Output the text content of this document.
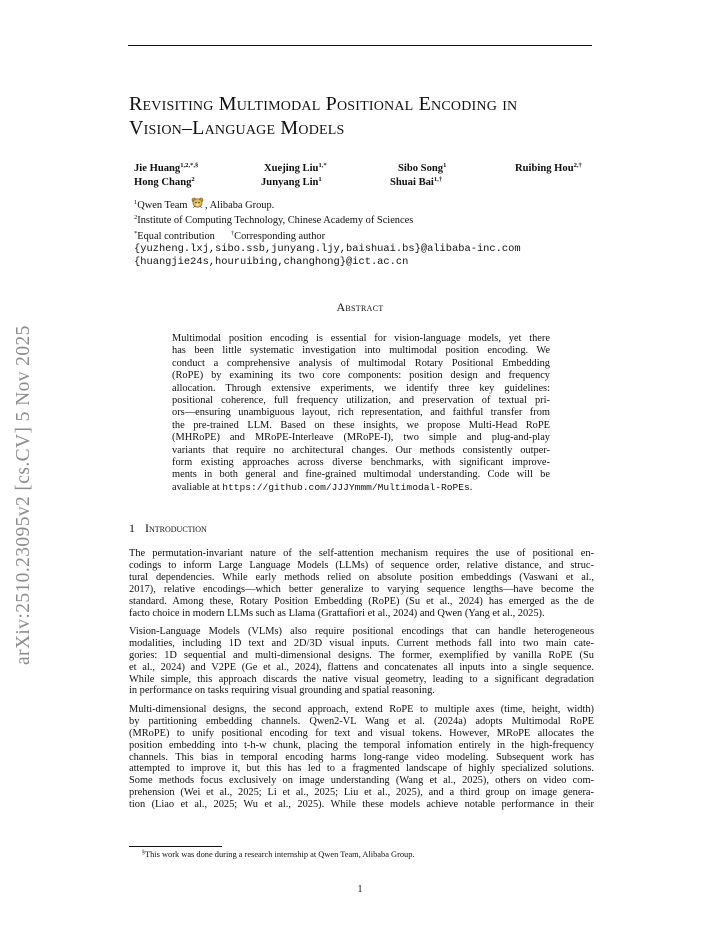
arXiv:2510.23095v2 [cs.CV] 5 Nov 2025
Revisiting Multimodal Positional Encoding in
Vision–Language Models
Jie Huang$^{1,2,*,\S}$	Xuejing Liu$^{1,*}$	Sibo Song$^1$	Ruibing Hou$^{2,\dagger}$
Hong Chang$^2$	Junyang Lin$^1$	Shuai Bai$^{1,\dagger}$
$^1$Qwen Team , Alibaba Group.
$^2$Institute of Computing Technology, Chinese Academy of Sciences
*Equal contribution †Corresponding author
{yuzheng.lxj,sibo.ssb,junyang.ljy,baishuai.bs}@alibaba-inc.com
{huangjie24s,houruibing,changhong}@ict.ac.cn
Abstract
Multimodal position encoding is essential for vision-language models, yet there
has been little systematic investigation into multimodal position encoding. We
conduct a comprehensive analysis of multimodal Rotary Positional Embedding
(RoPE) by examining its two core components: position design and frequency
allocation. Through extensive experiments, we identify three key guidelines:
positional coherence, full frequency utilization, and preservation of textual pri-
ors—ensuring unambiguous layout, rich representation, and faithful transfer from
the pre-trained LLM. Based on these insights, we propose Multi-Head RoPE
(MHRoPE) and MRoPE-Interleave (MRoPE-I), two simple and plug-and-play
variants that require no architectural changes. Our methods consistently outper-
form existing approaches across diverse benchmarks, with significant improve-
ments in both general and fine-grained multimodal understanding. Code will be
avaliable at https://github.com/JJJYmmm/Multimodal-RoPEs.
1 Introduction
The permutation-invariant nature of the self-attention mechanism requires the use of positional en-
codings to inform Large Language Models (LLMs) of sequence order, relative distance, and struc-
tural dependencies. While early methods relied on absolute position embeddings (Vaswani et al.,
2017), relative encodings—which better generalize to varying sequence lengths—have become the
standard. Among these, Rotary Position Embedding (RoPE) (Su et al., 2024) has emerged as the de
facto choice in modern LLMs such as Llama (Grattafiori et al., 2024) and Qwen (Yang et al., 2025).
Vision-Language Models (VLMs) also require positional encodings that can handle heterogeneous
modalities, including 1D text and 2D/3D visual inputs. Current methods fall into two main cate-
gories: 1D sequential and multi-dimensional designs. The former, exemplified by vanilla RoPE (Su
et al., 2024) and V2PE (Ge et al., 2024), flattens and concatenates all inputs into a single sequence.
While simple, this approach discards the native visual geometry, leading to a significant degradation
in performance on tasks requiring visual grounding and spatial reasoning.
Multi-dimensional designs, the second approach, extend RoPE to multiple axes (time, height, width)
by partitioning embedding channels. Qwen2-VL Wang et al. (2024a) adopts Multimodal RoPE
(MRoPE) to unify positional encoding for text and visual tokens. However, MRoPE allocates the
position embedding into t-h-w chunk, placing the temporal infomation entirely in the high-frequency
channels. This bias in temporal encoding harms long-range video modeling. Subsequent work has
attempted to improve it, but this has led to a fragmented landscape of highly specialized solutions.
Some methods focus exclusively on image understanding (Wang et al., 2025), others on video com-
prehension (Wei et al., 2025; Li et al., 2025; Liu et al., 2025), and a third group on image genera-
tion (Liao et al., 2025; Wu et al., 2025). While these models achieve notable performance in their
§This work was done during a research internship at Qwen Team, Alibaba Group.
1
